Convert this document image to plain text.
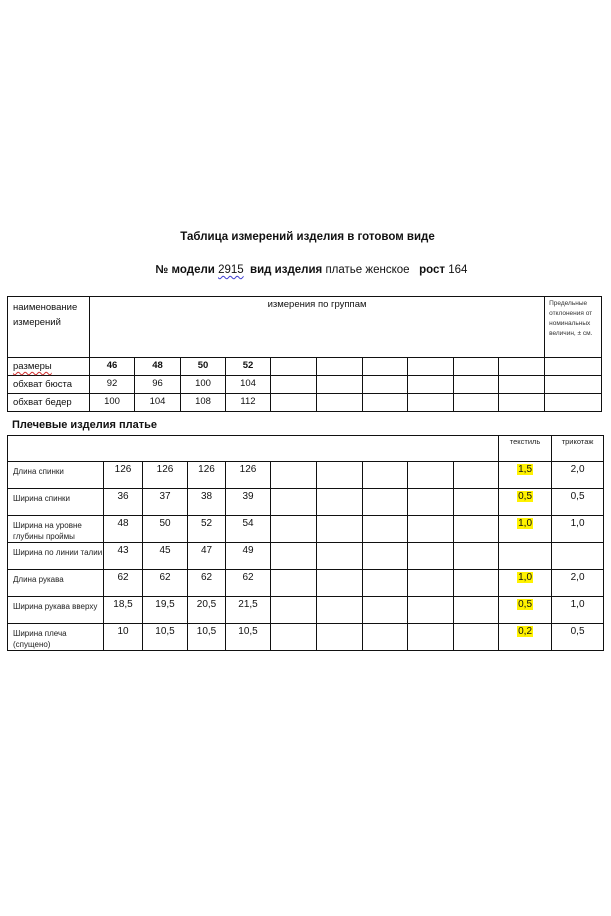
Таблица измерений изделия в готовом виде
№ модели 2915 вид изделия платье женское рост 164
наименование измерений	измерения по группам										Предельные отклонения от номинальных величин, ± см.
размеры	46	48	50	52							
обхват бюста	92	96	100	104							
обхват бедер	100	104	108	112							
Плечевые изделия платье
										текстиль	трикотаж
Длина спинки	126	126	126	126						1,5	2,0
Ширина спинки	36	37	38	39						0,5	0,5
Ширина на уровне глубины проймы	48	50	52	54						1,0	1,0
Ширина по линии талии	43	45	47	49							
Длина рукава	62	62	62	62						1,0	2,0
Ширина рукава вверху	18,5	19,5	20,5	21,5						0,5	1,0
Ширина плеча (спущено)	10	10,5	10,5	10,5						0,2	0,5
